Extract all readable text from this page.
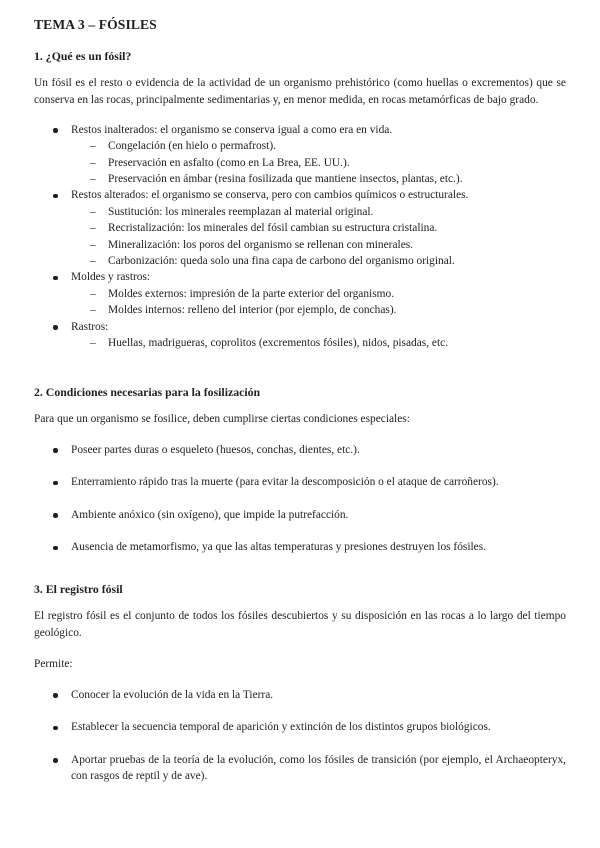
TEMA 3 – FÓSILES
1. ¿Qué es un fósil?

Un fósil es el resto o evidencia de la actividad de un organismo prehistórico (como huellas o excrementos) que se conserva en las rocas, principalmente sedimentarias y, en menor medida, en rocas metamórficas de bajo grado.

Restos inalterados: el organismo se conserva igual a como era en vida.
– Congelación (en hielo o permafrost).
– Preservación en asfalto (como en La Brea, EE. UU.).
– Preservación en ámbar (resina fosilizada que mantiene insectos, plantas, etc.).
Restos alterados: el organismo se conserva, pero con cambios químicos o estructurales.
– Sustitución: los minerales reemplazan al material original.
– Recristalización: los minerales del fósil cambian su estructura cristalina.
– Mineralización: los poros del organismo se rellenan con minerales.
– Carbonización: queda solo una fina capa de carbono del organismo original.
Moldes y rastros:
– Moldes externos: impresión de la parte exterior del organismo.
– Moldes internos: relleno del interior (por ejemplo, de conchas).
Rastros:
– Huellas, madrigueras, coprolitos (excrementos fósiles), nidos, pisadas, etc.
2. Condiciones necesarias para la fosilización

Para que un organismo se fosilice, deben cumplirse ciertas condiciones especiales:

Poseer partes duras o esqueleto (huesos, conchas, dientes, etc.).
Enterramiento rápido tras la muerte (para evitar la descomposición o el ataque de carroñeros).
Ambiente anóxico (sin oxígeno), que impide la putrefacción.
Ausencia de metamorfismo, ya que las altas temperaturas y presiones destruyen los fósiles.
3. El registro fósil

El registro fósil es el conjunto de todos los fósiles descubiertos y su disposición en las rocas a lo largo del tiempo geológico.

Permite:

Conocer la evolución de la vida en la Tierra.
Establecer la secuencia temporal de aparición y extinción de los distintos grupos biológicos.
Aportar pruebas de la teoría de la evolución, como los fósiles de transición (por ejemplo, el Archaeopteryx, con rasgos de reptil y de ave).
